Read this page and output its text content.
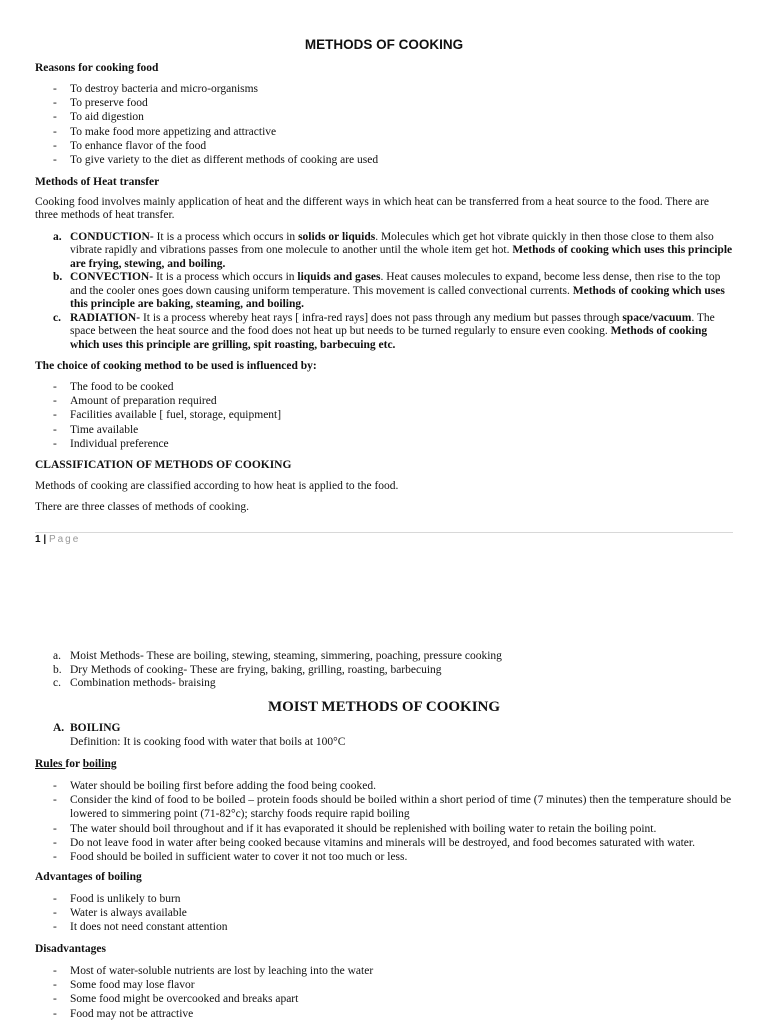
METHODS OF COOKING

Reasons for cooking food

- To destroy bacteria and micro-organisms
- To preserve food
- To aid digestion
- To make food more appetizing and attractive
- To enhance flavor of the food
- To give variety to the diet as different methods of cooking are used

Methods of Heat transfer

Cooking food involves mainly application of heat and the different ways in which heat can be transferred from a heat source to the food. There are three methods of heat transfer.

a. CONDUCTION- It is a process which occurs in solids or liquids. Molecules which get hot vibrate quickly in then those close to them also vibrate rapidly and vibrations passes from one molecule to another until the whole item get hot. Methods of cooking which uses this principle are frying, stewing, and boiling.
b. CONVECTION- It is a process which occurs in liquids and gases. Heat causes molecules to expand, become less dense, then rise to the top and the cooler ones goes down causing uniform temperature. This movement is called convectional currents. Methods of cooking which uses this principle are baking, steaming, and boiling.
c. RADIATION- It is a process whereby heat rays [ infra-red rays] does not pass through any medium but passes through space/vacuum. The space between the heat source and the food does not heat up but needs to be turned regularly to ensure even cooking. Methods of cooking which uses this principle are grilling, spit roasting, barbecuing etc.

The choice of cooking method to be used is influenced by:

- The food to be cooked
- Amount of preparation required
- Facilities available [ fuel, storage, equipment]
- Time available
- Individual preference

CLASSIFICATION OF METHODS OF COOKING

Methods of cooking are classified according to how heat is applied to the food.

There are three classes of methods of cooking.

a. Moist Methods- These are boiling, stewing, steaming, simmering, poaching, pressure cooking
b. Dry Methods of cooking- These are frying, baking, grilling, roasting, barbecuing
c. Combination methods- braising
MOIST METHODS OF COOKING
A. BOILING
Definition: It is cooking food with water that boils at 100°C

Rules for boiling

- Water should be boiling first before adding the food being cooked.
- Consider the kind of food to be boiled – protein foods should be boiled within a short period of time (7 minutes) then the temperature should be lowered to simmering point (71-82°c); starchy foods require rapid boiling
- The water should boil throughout and if it has evaporated it should be replenished with boiling water to retain the boiling point.
- Do not leave food in water after being cooked because vitamins and minerals will be destroyed, and food becomes saturated with water.
- Food should be boiled in sufficient water to cover it not too much or less.

Advantages of boiling

- Food is unlikely to burn
- Water is always available
- It does not need constant attention

Disadvantages

- Most of water-soluble nutrients are lost by leaching into the water
- Some food may lose flavor
- Some food might be overcooked and breaks apart
- Food may not be attractive
1 | Page
